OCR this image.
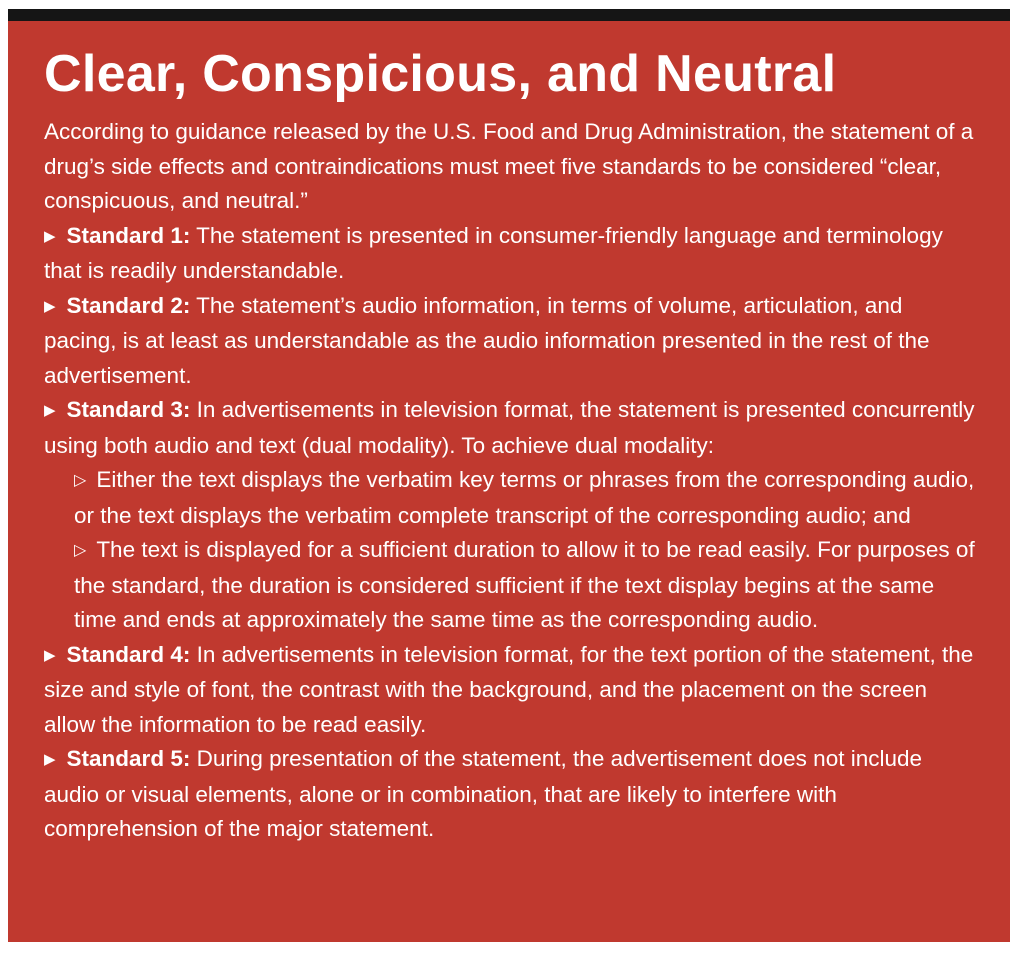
Clear, Conspicious, and Neutral

According to guidance released by the U.S. Food and Drug Administration, the statement of a drug’s side effects and contraindications must meet five standards to be considered “clear, conspicuous, and neutral.”

▶ Standard 1: The statement is presented in consumer-friendly language and terminology that is readily understandable.

▶ Standard 2: The statement’s audio information, in terms of volume, articulation, and pacing, is at least as understandable as the audio information presented in the rest of the advertisement.

▶ Standard 3: In advertisements in television format, the statement is presented concurrently using both audio and text (dual modality). To achieve dual modality:

▷ Either the text displays the verbatim key terms or phrases from the corresponding audio, or the text displays the verbatim complete transcript of the corresponding audio; and

▷ The text is displayed for a sufficient duration to allow it to be read easily. For purposes of the standard, the duration is considered sufficient if the text display begins at the same time and ends at approximately the same time as the corresponding audio.

▶ Standard 4: In advertisements in television format, for the text portion of the statement, the size and style of font, the contrast with the background, and the placement on the screen allow the information to be read easily.

▶ Standard 5: During presentation of the statement, the advertisement does not include audio or visual elements, alone or in combination, that are likely to interfere with comprehension of the major statement.
